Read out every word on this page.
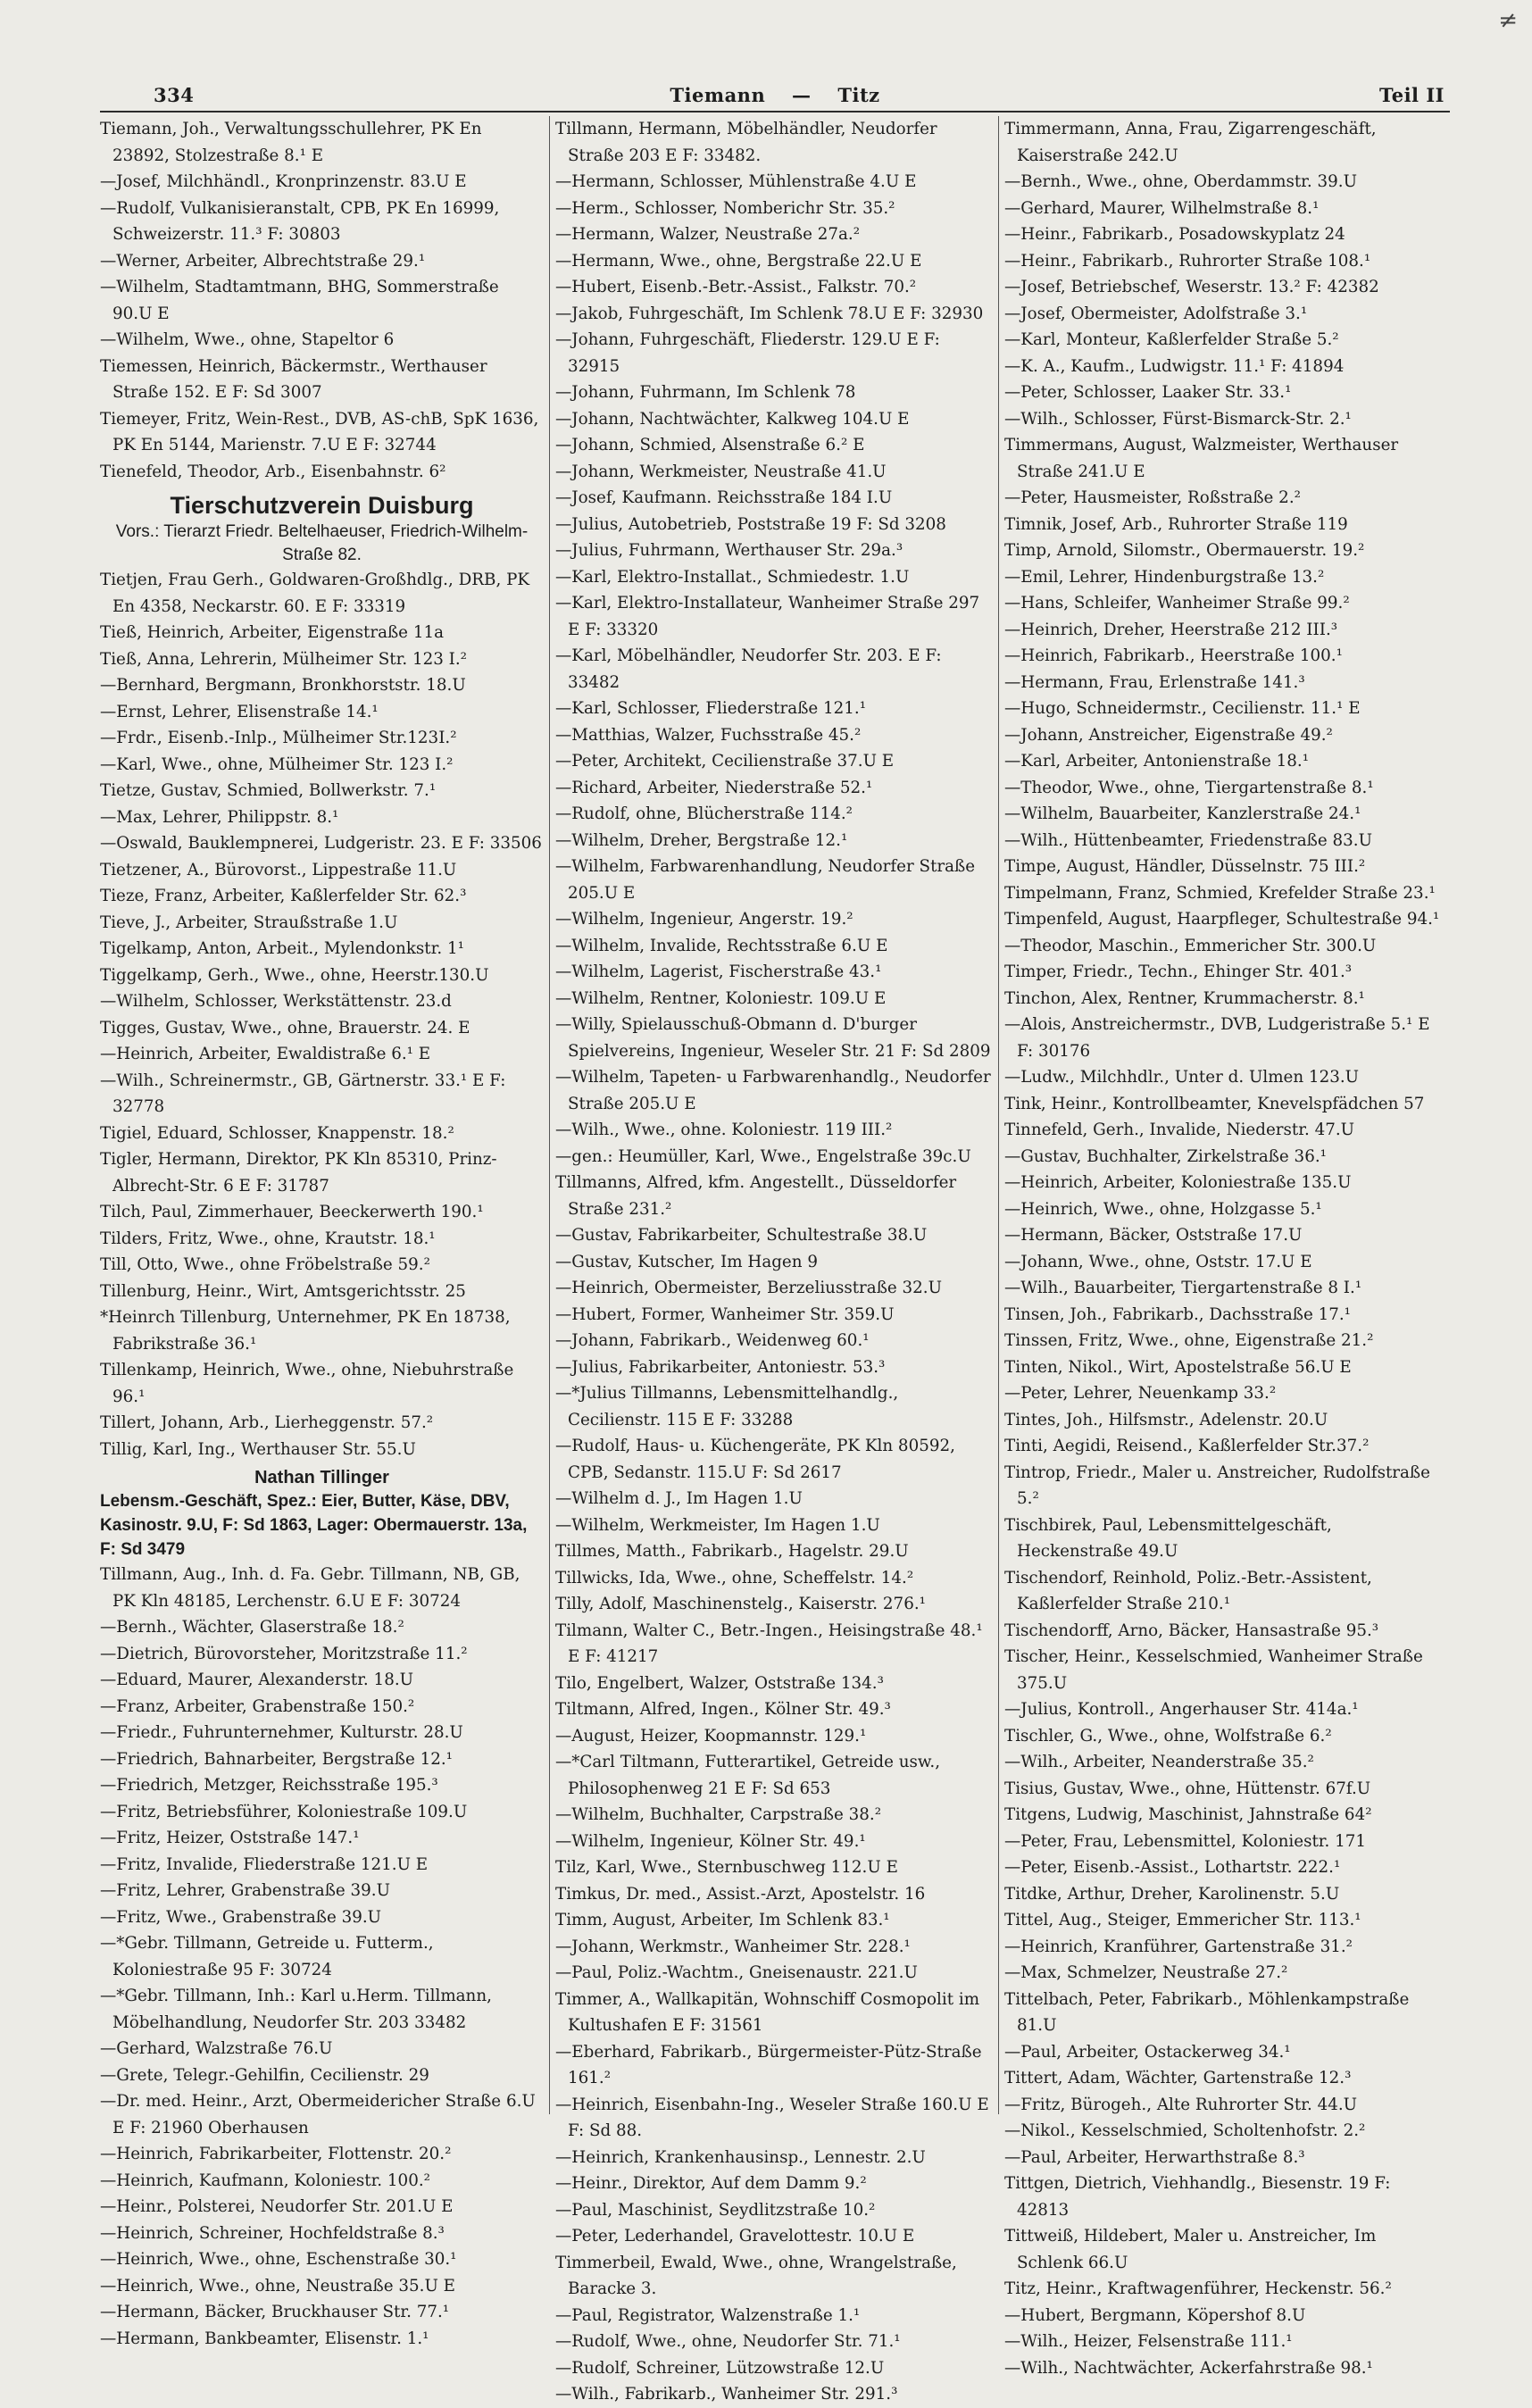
≠
334	Tiemann — Titz	Teil II
Tiemann, Joh., Verwaltungsschullehrer, PK En 23892, Stolzestraße 8.¹ E
—Josef, Milchhändl., Kronprinzenstr. 83.U E
—Rudolf, Vulkanisieranstalt, CPB, PK En 16999, Schweizerstr. 11.³ F: 30803
—Werner, Arbeiter, Albrechtstraße 29.¹
—Wilhelm, Stadtamtmann, BHG, Sommerstraße 90.U E
—Wilhelm, Wwe., ohne, Stapeltor 6
Tiemessen, Heinrich, Bäckermstr., Werthauser Straße 152. E F: Sd 3007
Tiemeyer, Fritz, Wein-Rest., DVB, AS-chB, SpK 1636, PK En 5144, Marienstr. 7.U E F: 32744
Tienefeld, Theodor, Arb., Eisenbahnstr. 6²
Tierschutzverein Duisburg
Vors.: Tierarzt Friedr. Beltelhaeuser, Friedrich-Wilhelm-Straße 82.
Tietjen, Frau Gerh., Goldwaren-Großhdlg., DRB, PK En 4358, Neckarstr. 60. E F: 33319
Tieß, Heinrich, Arbeiter, Eigenstraße 11a
Tieß, Anna, Lehrerin, Mülheimer Str. 123 I.²
—Bernhard, Bergmann, Bronkhorststr. 18.U
—Ernst, Lehrer, Elisenstraße 14.¹
—Frdr., Eisenb.-Inlp., Mülheimer Str.123I.²
—Karl, Wwe., ohne, Mülheimer Str. 123 I.²
Tietze, Gustav, Schmied, Bollwerkstr. 7.¹
—Max, Lehrer, Philippstr. 8.¹
—Oswald, Bauklempnerei, Ludgeristr. 23. E F: 33506
Tietzener, A., Bürovorst., Lippestraße 11.U
Tieze, Franz, Arbeiter, Kaßlerfelder Str. 62.³
Tieve, J., Arbeiter, Straußstraße 1.U
Tigelkamp, Anton, Arbeit., Mylendonkstr. 1¹
Tiggelkamp, Gerh., Wwe., ohne, Heerstr.130.U
—Wilhelm, Schlosser, Werkstättenstr. 23.d
Tigges, Gustav, Wwe., ohne, Brauerstr. 24. E
—Heinrich, Arbeiter, Ewaldistraße 6.¹ E
—Wilh., Schreinermstr., GB, Gärtnerstr. 33.¹ E F: 32778
Tigiel, Eduard, Schlosser, Knappenstr. 18.²
Tigler, Hermann, Direktor, PK Kln 85310, Prinz-Albrecht-Str. 6 E F: 31787
Tilch, Paul, Zimmerhauer, Beeckerwerth 190.¹
Tilders, Fritz, Wwe., ohne, Krautstr. 18.¹
Till, Otto, Wwe., ohne Fröbelstraße 59.²
Tillenburg, Heinr., Wirt, Amtsgerichtsstr. 25
*Heinrch Tillenburg, Unternehmer, PK En 18738, Fabrikstraße 36.¹
Tillenkamp, Heinrich, Wwe., ohne, Niebuhrstraße 96.¹
Tillert, Johann, Arb., Lierheggenstr. 57.²
Tillig, Karl, Ing., Werthauser Str. 55.U
Nathan Tillinger
Lebensm.-Geschäft, Spez.: Eier, Butter, Käse, DBV, Kasinostr. 9.U, F: Sd 1863, Lager: Obermauerstr. 13a, F: Sd 3479
Tillmann, Aug., Inh. d. Fa. Gebr. Tillmann, NB, GB, PK Kln 48185, Lerchenstr. 6.U E F: 30724
—Bernh., Wächter, Glaserstraße 18.²
—Dietrich, Bürovorsteher, Moritzstraße 11.²
—Eduard, Maurer, Alexanderstr. 18.U
—Franz, Arbeiter, Grabenstraße 150.²
—Friedr., Fuhrunternehmer, Kulturstr. 28.U
—Friedrich, Bahnarbeiter, Bergstraße 12.¹
—Friedrich, Metzger, Reichsstraße 195.³
—Fritz, Betriebsführer, Koloniestraße 109.U
—Fritz, Heizer, Oststraße 147.¹
—Fritz, Invalide, Fliederstraße 121.U E
—Fritz, Lehrer, Grabenstraße 39.U
—Fritz, Wwe., Grabenstraße 39.U
—*Gebr. Tillmann, Getreide u. Futterm., Koloniestraße 95 F: 30724
—*Gebr. Tillmann, Inh.: Karl u.Herm. Tillmann, Möbelhandlung, Neudorfer Str. 203 33482
—Gerhard, Walzstraße 76.U
—Grete, Telegr.-Gehilfin, Cecilienstr. 29
—Dr. med. Heinr., Arzt, Obermeidericher Straße 6.U E F: 21960 Oberhausen
—Heinrich, Fabrikarbeiter, Flottenstr. 20.²
—Heinrich, Kaufmann, Koloniestr. 100.²
—Heinr., Polsterei, Neudorfer Str. 201.U E
—Heinrich, Schreiner, Hochfeldstraße 8.³
—Heinrich, Wwe., ohne, Eschenstraße 30.¹
—Heinrich, Wwe., ohne, Neustraße 35.U E
—Hermann, Bäcker, Bruckhauser Str. 77.¹
—Hermann, Bankbeamter, Elisenstr. 1.¹
Tillmann, Hermann, Möbelhändler, Neudorfer Straße 203 E F: 33482.
—Hermann, Schlosser, Mühlenstraße 4.U E
—Herm., Schlosser, Nomberichr Str. 35.²
—Hermann, Walzer, Neustraße 27a.²
—Hermann, Wwe., ohne, Bergstraße 22.U E
—Hubert, Eisenb.-Betr.-Assist., Falkstr. 70.²
—Jakob, Fuhrgeschäft, Im Schlenk 78.U E F: 32930
—Johann, Fuhrgeschäft, Fliederstr. 129.U E F: 32915
—Johann, Fuhrmann, Im Schlenk 78
—Johann, Nachtwächter, Kalkweg 104.U E
—Johann, Schmied, Alsenstraße 6.² E
—Johann, Werkmeister, Neustraße 41.U
—Josef, Kaufmann. Reichsstraße 184 I.U
—Julius, Autobetrieb, Poststraße 19 F: Sd 3208
—Julius, Fuhrmann, Werthauser Str. 29a.³
—Karl, Elektro-Installat., Schmiedestr. 1.U
—Karl, Elektro-Installateur, Wanheimer Straße 297 E F: 33320
—Karl, Möbelhändler, Neudorfer Str. 203. E F: 33482
—Karl, Schlosser, Fliederstraße 121.¹
—Matthias, Walzer, Fuchsstraße 45.²
—Peter, Architekt, Cecilienstraße 37.U E
—Richard, Arbeiter, Niederstraße 52.¹
—Rudolf, ohne, Blücherstraße 114.²
—Wilhelm, Dreher, Bergstraße 12.¹
—Wilhelm, Farbwarenhandlung, Neudorfer Straße 205.U E
—Wilhelm, Ingenieur, Angerstr. 19.²
—Wilhelm, Invalide, Rechtsstraße 6.U E
—Wilhelm, Lagerist, Fischerstraße 43.¹
—Wilhelm, Rentner, Koloniestr. 109.U E
—Willy, Spielausschuß-Obmann d. D'burger Spielvereins, Ingenieur, Weseler Str. 21 F: Sd 2809
—Wilhelm, Tapeten- u Farbwarenhandlg., Neudorfer Straße 205.U E
—Wilh., Wwe., ohne. Koloniestr. 119 III.²
—gen.: Heumüller, Karl, Wwe., Engelstraße 39c.U
Tillmanns, Alfred, kfm. Angestellt., Düsseldorfer Straße 231.²
—Gustav, Fabrikarbeiter, Schultestraße 38.U
—Gustav, Kutscher, Im Hagen 9
—Heinrich, Obermeister, Berzeliusstraße 32.U
—Hubert, Former, Wanheimer Str. 359.U
—Johann, Fabrikarb., Weidenweg 60.¹
—Julius, Fabrikarbeiter, Antoniestr. 53.³
—*Julius Tillmanns, Lebensmittelhandlg., Cecilienstr. 115 E F: 33288
—Rudolf, Haus- u. Küchengeräte, PK Kln 80592, CPB, Sedanstr. 115.U F: Sd 2617
—Wilhelm d. J., Im Hagen 1.U
—Wilhelm, Werkmeister, Im Hagen 1.U
Tillmes, Matth., Fabrikarb., Hagelstr. 29.U
Tillwicks, Ida, Wwe., ohne, Scheffelstr. 14.²
Tilly, Adolf, Maschinenstelg., Kaiserstr. 276.¹
Tilmann, Walter C., Betr.-Ingen., Heisingstraße 48.¹ E F: 41217
Tilo, Engelbert, Walzer, Oststraße 134.³
Tiltmann, Alfred, Ingen., Kölner Str. 49.³
—August, Heizer, Koopmannstr. 129.¹
—*Carl Tiltmann, Futterartikel, Getreide usw., Philosophenweg 21 E F: Sd 653
—Wilhelm, Buchhalter, Carpstraße 38.²
—Wilhelm, Ingenieur, Kölner Str. 49.¹
Tilz, Karl, Wwe., Sternbuschweg 112.U E
Timkus, Dr. med., Assist.-Arzt, Apostelstr. 16
Timm, August, Arbeiter, Im Schlenk 83.¹
—Johann, Werkmstr., Wanheimer Str. 228.¹
—Paul, Poliz.-Wachtm., Gneisenaustr. 221.U
Timmer, A., Wallkapitän, Wohnschiff Cosmopolit im Kultushafen E F: 31561
—Eberhard, Fabrikarb., Bürgermeister-Pütz-Straße 161.²
—Heinrich, Eisenbahn-Ing., Weseler Straße 160.U E F: Sd 88.
—Heinrich, Krankenhausinsp., Lennestr. 2.U
—Heinr., Direktor, Auf dem Damm 9.²
—Paul, Maschinist, Seydlitzstraße 10.²
—Peter, Lederhandel, Gravelottestr. 10.U E
Timmerbeil, Ewald, Wwe., ohne, Wrangelstraße, Baracke 3.
—Paul, Registrator, Walzenstraße 1.¹
—Rudolf, Wwe., ohne, Neudorfer Str. 71.¹
—Rudolf, Schreiner, Lützowstraße 12.U
—Wilh., Fabrikarb., Wanheimer Str. 291.³
Timmermann, Anna, Frau, Zigarrengeschäft, Kaiserstraße 242.U
—Bernh., Wwe., ohne, Oberdammstr. 39.U
—Gerhard, Maurer, Wilhelmstraße 8.¹
—Heinr., Fabrikarb., Posadowskyplatz 24
—Heinr., Fabrikarb., Ruhrorter Straße 108.¹
—Josef, Betriebschef, Weserstr. 13.² F: 42382
—Josef, Obermeister, Adolfstraße 3.¹
—Karl, Monteur, Kaßlerfelder Straße 5.²
—K. A., Kaufm., Ludwigstr. 11.¹ F: 41894
—Peter, Schlosser, Laaker Str. 33.¹
—Wilh., Schlosser, Fürst-Bismarck-Str. 2.¹
Timmermans, August, Walzmeister, Werthauser Straße 241.U E
—Peter, Hausmeister, Roßstraße 2.²
Timnik, Josef, Arb., Ruhrorter Straße 119
Timp, Arnold, Silomstr., Obermauerstr. 19.²
—Emil, Lehrer, Hindenburgstraße 13.²
—Hans, Schleifer, Wanheimer Straße 99.²
—Heinrich, Dreher, Heerstraße 212 III.³
—Heinrich, Fabrikarb., Heerstraße 100.¹
—Hermann, Frau, Erlenstraße 141.³
—Hugo, Schneidermstr., Cecilienstr. 11.¹ E
—Johann, Anstreicher, Eigenstraße 49.²
—Karl, Arbeiter, Antonienstraße 18.¹
—Theodor, Wwe., ohne, Tiergartenstraße 8.¹
—Wilhelm, Bauarbeiter, Kanzlerstraße 24.¹
—Wilh., Hüttenbeamter, Friedenstraße 83.U
Timpe, August, Händler, Düsselnstr. 75 III.²
Timpelmann, Franz, Schmied, Krefelder Straße 23.¹
Timpenfeld, August, Haarpfleger, Schultestraße 94.¹
—Theodor, Maschin., Emmericher Str. 300.U
Timper, Friedr., Techn., Ehinger Str. 401.³
Tinchon, Alex, Rentner, Krummacherstr. 8.¹
—Alois, Anstreichermstr., DVB, Ludgeristraße 5.¹ E F: 30176
—Ludw., Milchhdlr., Unter d. Ulmen 123.U
Tink, Heinr., Kontrollbeamter, Knevelspfädchen 57
Tinnefeld, Gerh., Invalide, Niederstr. 47.U
—Gustav, Buchhalter, Zirkelstraße 36.¹
—Heinrich, Arbeiter, Koloniestraße 135.U
—Heinrich, Wwe., ohne, Holzgasse 5.¹
—Hermann, Bäcker, Oststraße 17.U
—Johann, Wwe., ohne, Oststr. 17.U E
—Wilh., Bauarbeiter, Tiergartenstraße 8 I.¹
Tinsen, Joh., Fabrikarb., Dachsstraße 17.¹
Tinssen, Fritz, Wwe., ohne, Eigenstraße 21.²
Tinten, Nikol., Wirt, Apostelstraße 56.U E
—Peter, Lehrer, Neuenkamp 33.²
Tintes, Joh., Hilfsmstr., Adelenstr. 20.U
Tinti, Aegidi, Reisend., Kaßlerfelder Str.37.²
Tintrop, Friedr., Maler u. Anstreicher, Rudolfstraße 5.²
Tischbirek, Paul, Lebensmittelgeschäft, Heckenstraße 49.U
Tischendorf, Reinhold, Poliz.-Betr.-Assistent, Kaßlerfelder Straße 210.¹
Tischendorff, Arno, Bäcker, Hansastraße 95.³
Tischer, Heinr., Kesselschmied, Wanheimer Straße 375.U
—Julius, Kontroll., Angerhauser Str. 414a.¹
Tischler, G., Wwe., ohne, Wolfstraße 6.²
—Wilh., Arbeiter, Neanderstraße 35.²
Tisius, Gustav, Wwe., ohne, Hüttenstr. 67f.U
Titgens, Ludwig, Maschinist, Jahnstraße 64²
—Peter, Frau, Lebensmittel, Koloniestr. 171
—Peter, Eisenb.-Assist., Lothartstr. 222.¹
Titdke, Arthur, Dreher, Karolinenstr. 5.U
Tittel, Aug., Steiger, Emmericher Str. 113.¹
—Heinrich, Kranführer, Gartenstraße 31.²
—Max, Schmelzer, Neustraße 27.²
Tittelbach, Peter, Fabrikarb., Möhlenkampstraße 81.U
—Paul, Arbeiter, Ostackerweg 34.¹
Tittert, Adam, Wächter, Gartenstraße 12.³
—Fritz, Bürogeh., Alte Ruhrorter Str. 44.U
—Nikol., Kesselschmied, Scholtenhofstr. 2.²
—Paul, Arbeiter, Herwarthstraße 8.³
Tittgen, Dietrich, Viehhandlg., Biesenstr. 19 F: 42813
Tittweiß, Hildebert, Maler u. Anstreicher, Im Schlenk 66.U
Titz, Heinr., Kraftwagenführer, Heckenstr. 56.²
—Hubert, Bergmann, Köpershof 8.U
—Wilh., Heizer, Felsenstraße 111.¹
—Wilh., Nachtwächter, Ackerfahrstraße 98.¹
